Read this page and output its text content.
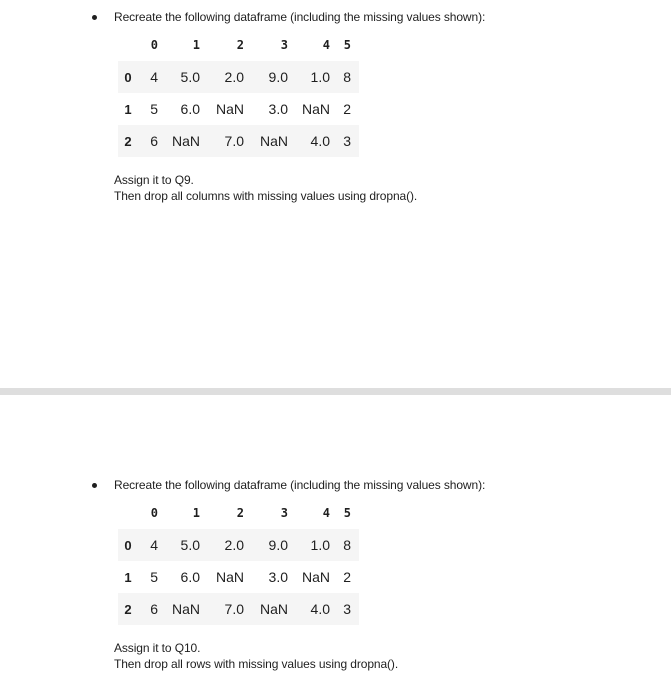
Recreate the following dataframe (including the missing values shown):
	0	1	2	3	4	5
0	4	5.0	2.0	9.0	1.0	8
1	5	6.0	NaN	3.0	NaN	2
2	6	NaN	7.0	NaN	4.0	3
Assign it to Q9.
Then drop all columns with missing values using dropna().
Recreate the following dataframe (including the missing values shown):
	0	1	2	3	4	5
0	4	5.0	2.0	9.0	1.0	8
1	5	6.0	NaN	3.0	NaN	2
2	6	NaN	7.0	NaN	4.0	3
Assign it to Q10.
Then drop all rows with missing values using dropna().
